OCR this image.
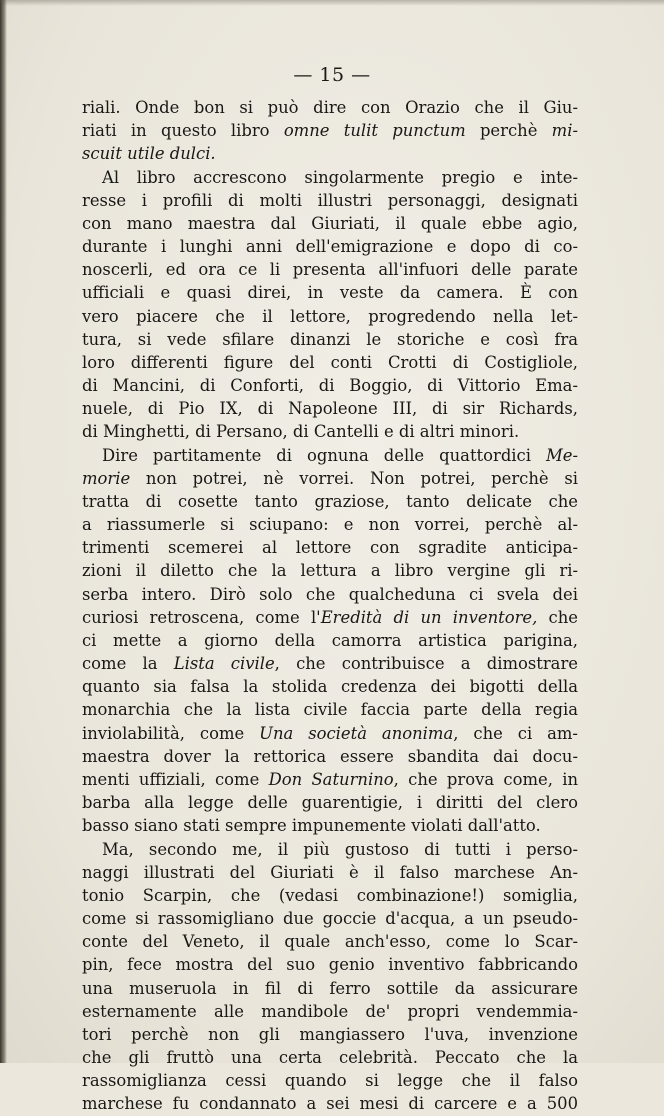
— 15 —
riali. Onde bon si può dire con Orazio che il Giu-
riati in questo libro omne tulit punctum perchè mi-
scuit utile dulci.
Al libro accrescono singolarmente pregio e inte-
resse i profili di molti illustri personaggi, designati
con mano maestra dal Giuriati, il quale ebbe agio,
durante i lunghi anni dell'emigrazione e dopo di co-
noscerli, ed ora ce li presenta all'infuori delle parate
ufficiali e quasi direi, in veste da camera. È con
vero piacere che il lettore, progredendo nella let-
tura, si vede sfilare dinanzi le storiche e così fra
loro differenti figure del conti Crotti di Costigliole,
di Mancini, di Conforti, di Boggio, di Vittorio Ema-
nuele, di Pio IX, di Napoleone III, di sir Richards,
di Minghetti, di Persano, di Cantelli e di altri minori.
Dire partitamente di ognuna delle quattordici Me-
morie non potrei, nè vorrei. Non potrei, perchè si
tratta di cosette tanto graziose, tanto delicate che
a riassumerle si sciupano: e non vorrei, perchè al-
trimenti scemerei al lettore con sgradite anticipa-
zioni il diletto che la lettura a libro vergine gli ri-
serba intero. Dirò solo che qualcheduna ci svela dei
curiosi retroscena, come l'Eredità di un inventore, che
ci mette a giorno della camorra artistica parigina,
come la Lista civile, che contribuisce a dimostrare
quanto sia falsa la stolida credenza dei bigotti della
monarchia che la lista civile faccia parte della regia
inviolabilità, come Una società anonima, che ci am-
maestra dover la rettorica essere sbandita dai docu-
menti uffiziali, come Don Saturnino, che prova come, in
barba alla legge delle guarentigie, i diritti del clero
basso siano stati sempre impunemente violati dall'atto.
Ma, secondo me, il più gustoso di tutti i perso-
naggi illustrati del Giuriati è il falso marchese An-
tonio Scarpin, che (vedasi combinazione!) somiglia,
come si rassomigliano due goccie d'acqua, a un pseudo-
conte del Veneto, il quale anch'esso, come lo Scar-
pin, fece mostra del suo genio inventivo fabbricando
una museruola in fil di ferro sottile da assicurare
esternamente alle mandibole de' propri vendemmia-
tori perchè non gli mangiassero l'uva, invenzione
che gli fruttò una certa celebrità. Peccato che la
rassomiglianza cessi quando si legge che il falso
marchese fu condannato a sei mesi di carcere e a 500
